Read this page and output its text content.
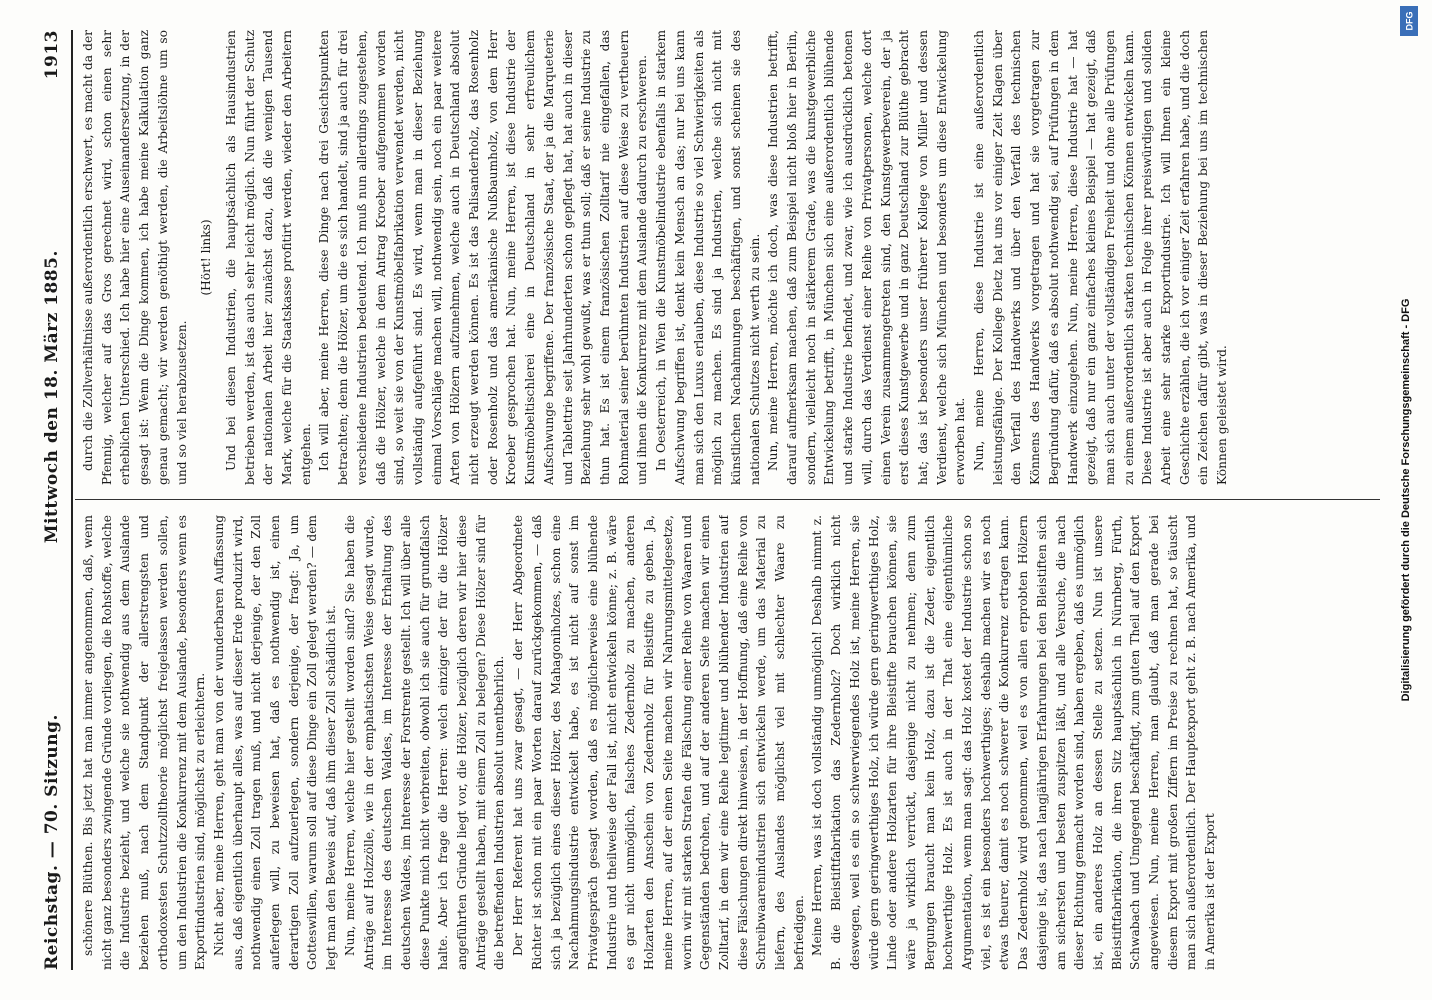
Reichstag. — 70. Sitzung.
Mittwoch den 18. März 1885.
1913

schönere Blüthen. Bis jetzt hat man immer angenommen, daß, wenn nicht ganz besonders zwingende Gründe vorliegen, die Rohstoffe, welche die Industrie bezieht, und welche sie nothwendig aus dem Auslande beziehen muß, nach dem Standpunkt der allerstrengsten und orthodoxesten Schutzzolltheorie möglichst freigelassen werden sollen, um den Industrien die Konkurrenz mit dem Auslande, besonders wenn es Exportindustrien sind, möglichst zu erleichtern. Nicht aber, meine Herren, geht man von der wunderbaren Auffassung aus, daß eigentlich überhaupt alles, was auf dieser Erde produzirt wird, nothwendig einen Zoll tragen muß, und nicht derjenige, der den Zoll auferlegen will, zu beweisen hat, daß es nothwendig ist, einen derartigen Zoll aufzuerlegen, sondern derjenige, der fragt: Ja, um Gotteswillen, warum soll auf diese Dinge ein Zoll gelegt werden? — dem legt man den Beweis auf, daß ihm dieser Zoll schädlich ist. Nun, meine Herren, welche hier gestellt worden sind? Sie haben die Anträge auf Holzzölle, wie in der emphatischsten Weise gesagt wurde, im Interesse des deutschen Waldes, im Interesse der Erhaltung des deutschen Waldes, im Interesse der Forstrente gestellt. Ich will über alle diese Punkte mich nicht verbreiten, obwohl ich sie auch für grundfalsch halte. Aber ich frage die Herren: welch einziger der für die Hölzer angeführten Gründe liegt vor, die Hölzer, bezüglich deren wir hier diese Anträge gestellt haben, mit einem Zoll zu belegen? Diese Hölzer sind für die betreffenden Industrien absolut unentbehrlich. Der Herr Referent hat uns zwar gesagt, — der Herr Abgeordnete Richter ist schon mit ein paar Worten darauf zurückgekommen, — daß sich ja bezüglich eines dieser Hölzer, des Mahagoniholzes, schon eine Nachahmungsindustrie entwickelt habe, es ist nicht auf sonst im Privatgespräch gesagt worden, daß es möglicherweise eine blühende Industrie und theilweise der Fall ist, nicht entwickeln könne; z. B. wäre es gar nicht unmöglich, falsches Zedernholz zu machen, anderen Holzarten den Anschein von Zedernholz für Bleistifte zu geben. Ja, meine Herren, auf der einen Seite machen wir Nahrungsmittelgesetze, worin wir mit starken Strafen die Fälschung einer Reihe von Waaren und Gegenständen bedrohen, und auf der anderen Seite machen wir einen Zolltarif, in dem wir eine Reihe legitimer und blühender Industrien auf diese Fälschungen direkt hinweisen, in der Hoffnung, daß eine Reihe von Schreibwaarenindustrien sich entwickeln werde, um das Material zu liefern, des Auslandes möglichst viel mit schlechter Waare zu befriedigen. Meine Herren, was ist doch vollständig unmöglich! Deshalb nimmt z. B. die Bleistiftfabrikation das Zedernholz? Doch wirklich nicht deswegen, weil es ein so schwerwiegendes Holz ist, meine Herren, sie würde gern geringwerthiges Holz, ich würde gern geringwerthiges Holz, Linde oder andere Holzarten für ihre Bleistifte brauchen können, sie wäre ja wirklich verrückt, dasjenige nicht zu nehmen; denn zum Bergungen braucht man kein Holz, dazu ist die Zeder, eigentlich hochwerthige Holz. Es ist auch in der That eine eigenthümliche Argumentation, wenn man sagt: das Holz kostet der Industrie schon so viel, es ist ein besonders hochwerthiges; deshalb machen wir es noch etwas theurer, damit es noch schwerer die Konkurrenz ertragen kann. Das Zedernholz wird genommen, weil es von allen erprobten Hölzern dasjenige ist, das nach langjährigen Erfahrungen bei den Bleistiften sich am sichersten und besten zuspitzen läßt, und alle Versuche, die nach dieser Richtung gemacht worden sind, haben ergeben, daß es unmöglich ist, ein anderes Holz an dessen Stelle zu setzen. Nun ist unsere Bleistiftfabrikation, die ihren Sitz hauptsächlich in Nürnberg, Fürth, Schwabach und Umgegend beschäftigt, zum guten Theil auf den Export angewiesen. Nun, meine Herren, man glaubt, daß man gerade bei diesem Export mit großen Ziffern im Preise zu rechnen hat, so täuscht man sich außerordentlich. Der Hauptexport geht z. B. nach Amerika, und in Amerika ist der Export

durch die Zollverhältnisse außerordentlich erschwert, es macht da der Pfennig, welcher auf das Gros gerechnet wird, schon einen sehr erheblichen Unterschied. Ich habe hier eine Auseinandersetzung, in der gesagt ist: Wenn die Dinge kommen, ich habe meine Kalkulation ganz genau gemacht; wir werden genöthigt werden, die Arbeitslöhne um so und so viel herabzusetzen.

(Hört! links) Und bei diesen Industrien, die hauptsächlich als Hausindustrien betrieben werden, ist das auch sehr leicht möglich. Nun führt der Schutz der nationalen Arbeit hier zunächst dazu, daß die wenigen Tausend Mark, welche für die Staatskasse profitirt werden, wieder den Arbeitern entgehen. Ich will aber, meine Herren, diese Dinge nach drei Gesichtspunkten betrachten; denn die Hölzer, um die es sich handelt, sind ja auch für drei verschiedene Industrien bedeutend. Ich muß nun allerdings zugestehen, daß die Hölzer, welche in dem Antrag Kroeber aufgenommen worden sind, so weit sie von der Kunstmöbelfabrikation verwendet werden, nicht vollständig aufgeführt sind. Es wird, wenn man in dieser Beziehung einmal Vorschläge machen will, nothwendig sein, noch ein paar weitere Arten von Hölzern aufzunehmen, welche auch in Deutschland absolut nicht erzeugt werden können. Es ist das Palisanderholz, das Rosenholz oder Rosenholz und das amerikanische Nußbaumholz, von dem Herr Kroeber gesprochen hat. Nun, meine Herren, ist diese Industrie der Kunstmöbeltischlerei eine in Deutschland in sehr erfreulichem Aufschwunge begriffene. Der französische Staat, der ja die Marqueterie und Tablettrie seit Jahrhunderten schon gepflegt hat, hat auch in dieser Beziehung sehr wohl gewußt, was er thun soll; daß er seine Industrie zu thun hat. Es ist einem französischen Zolltarif nie eingefallen, das Rohmaterial seiner berühmten Industrien auf diese Weise zu vertheuern und ihnen die Konkurrenz mit dem Auslande dadurch zu erschweren. In Oesterreich, in Wien die Kunstmöbelindustrie ebenfalls in starkem Aufschwung begriffen ist, denkt kein Mensch an das; nur bei uns kann man sich den Luxus erlauben, diese Industrie so viel Schwierigkeiten als möglich zu machen. Es sind ja Industrien, welche sich nicht mit künstlichen Nachahmungen beschäftigen, und sonst scheinen sie des nationalen Schutzes nicht werth zu sein. Nun, meine Herren, möchte ich doch, was diese Industrien betrifft, darauf aufmerksam machen, daß zum Beispiel nicht bloß hier in Berlin, sondern, vielleicht noch in stärkerem Grade, was die kunstgewerbliche Entwickelung betrifft, in München sich eine außerordentlich blühende und starke Industrie befindet, und zwar, wie ich ausdrücklich betonen will, durch das Verdienst einer Reihe von Privatpersonen, welche dort einen Verein zusammengetreten sind, den Kunstgewerbeverein, der ja erst dieses Kunstgewerbe und in ganz Deutschland zur Blüthe gebracht hat; das ist besonders unser früherer Kollege von Miller und dessen Verdienst, welche sich München und besonders um diese Entwickelung erworben hat. Nun, meine Herren, diese Industrie ist eine außerordentlich leistungsfähige. Der Kollege Dietz hat uns vor einiger Zeit Klagen über den Verfall des Handwerks und über den Verfall des technischen Könnens des Handwerks vorgetragen und hat sie vorgetragen zur Begründung dafür, daß es absolut nothwendig sei, auf Prüfungen in dem Handwerk einzugehen. Nun, meine Herren, diese Industrie hat — hat gezeigt, daß nur ein ganz einfaches kleines Beispiel — hat gezeigt, daß man sich auch unter der vollständigen Freiheit und ohne alle Prüfungen zu einem außerordentlich starken technischen Können entwickeln kann. Diese Industrie ist aber auch in Folge ihrer preiswürdigen und soliden Arbeit eine sehr starke Exportindustrie. Ich will Ihnen ein kleine Geschichte erzählen, die ich vor einiger Zeit erfahren habe, und die doch ein Zeichen dafür gibt, was in dieser Beziehung bei uns im technischen Können geleistet wird.	Digitalisierung gefördert durch die Deutsche Forschungsgemeinschaft - DFG
DFG
